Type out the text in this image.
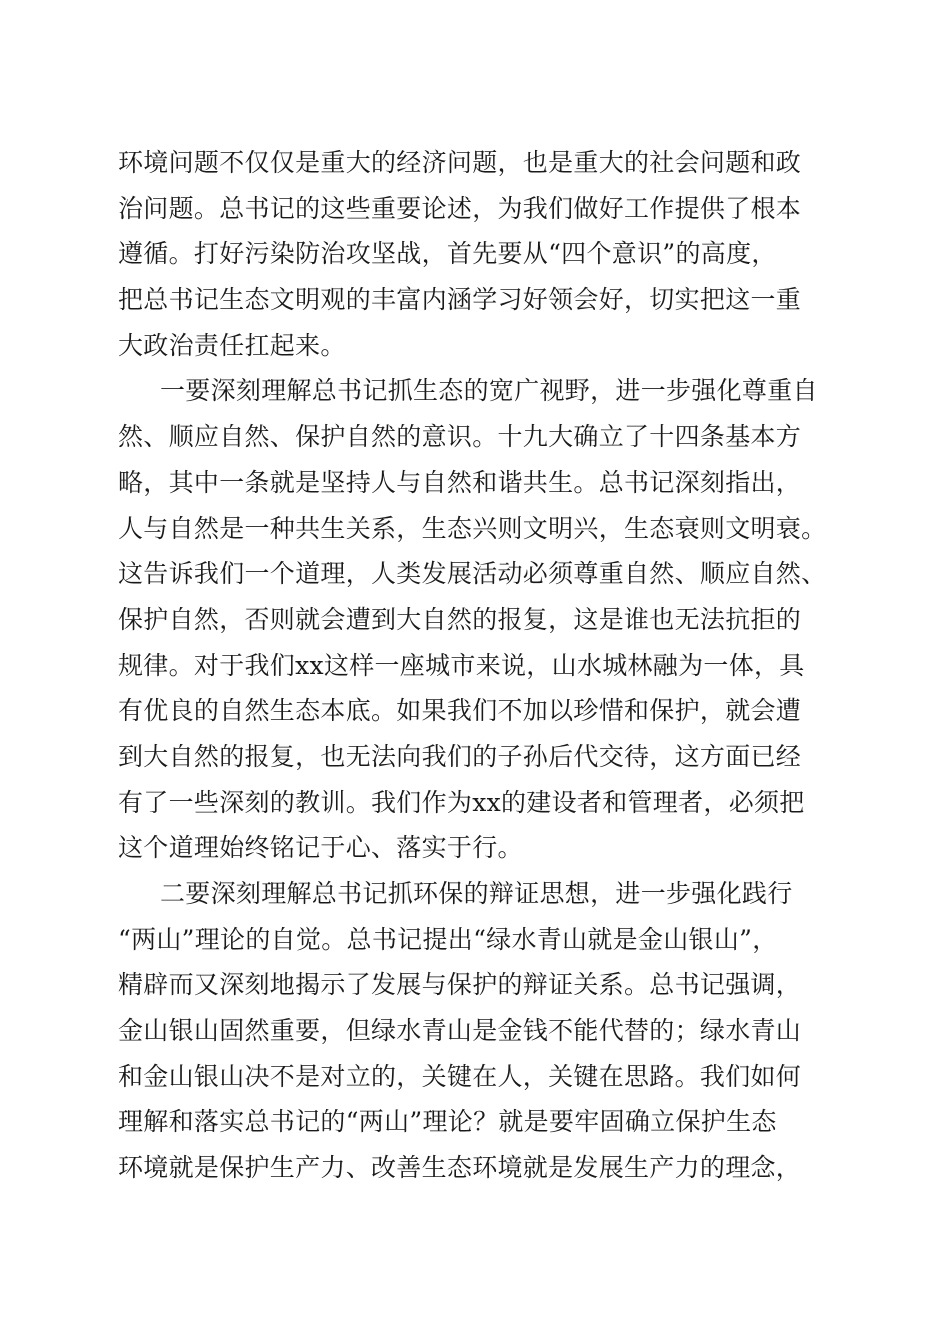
环境问题不仅仅是重大的经济问题，也是重大的社会问题和政
治问题。总书记的这些重要论述，为我们做好工作提供了根本
遵循。打好污染防治攻坚战，首先要从“四个意识”的高度，
把总书记生态文明观的丰富内涵学习好领会好，切实把这一重
大政治责任扛起来。
一要深刻理解总书记抓生态的宽广视野，进一步强化尊重自
然、顺应自然、保护自然的意识。十九大确立了十四条基本方
略，其中一条就是坚持人与自然和谐共生。总书记深刻指出，
人与自然是一种共生关系，生态兴则文明兴，生态衰则文明衰。
这告诉我们一个道理，人类发展活动必须尊重自然、顺应自然、
保护自然，否则就会遭到大自然的报复，这是谁也无法抗拒的
规律。对于我们xx这样一座城市来说，山水城林融为一体，具
有优良的自然生态本底。如果我们不加以珍惜和保护，就会遭
到大自然的报复，也无法向我们的子孙后代交待，这方面已经
有了一些深刻的教训。我们作为xx的建设者和管理者，必须把
这个道理始终铭记于心、落实于行。
二要深刻理解总书记抓环保的辩证思想，进一步强化践行
“两山”理论的自觉。总书记提出“绿水青山就是金山银山”，
精辟而又深刻地揭示了发展与保护的辩证关系。总书记强调，
金山银山固然重要，但绿水青山是金钱不能代替的；绿水青山
和金山银山决不是对立的，关键在人，关键在思路。我们如何
理解和落实总书记的“两山”理论？就是要牢固确立保护生态
环境就是保护生产力、改善生态环境就是发展生产力的理念，
